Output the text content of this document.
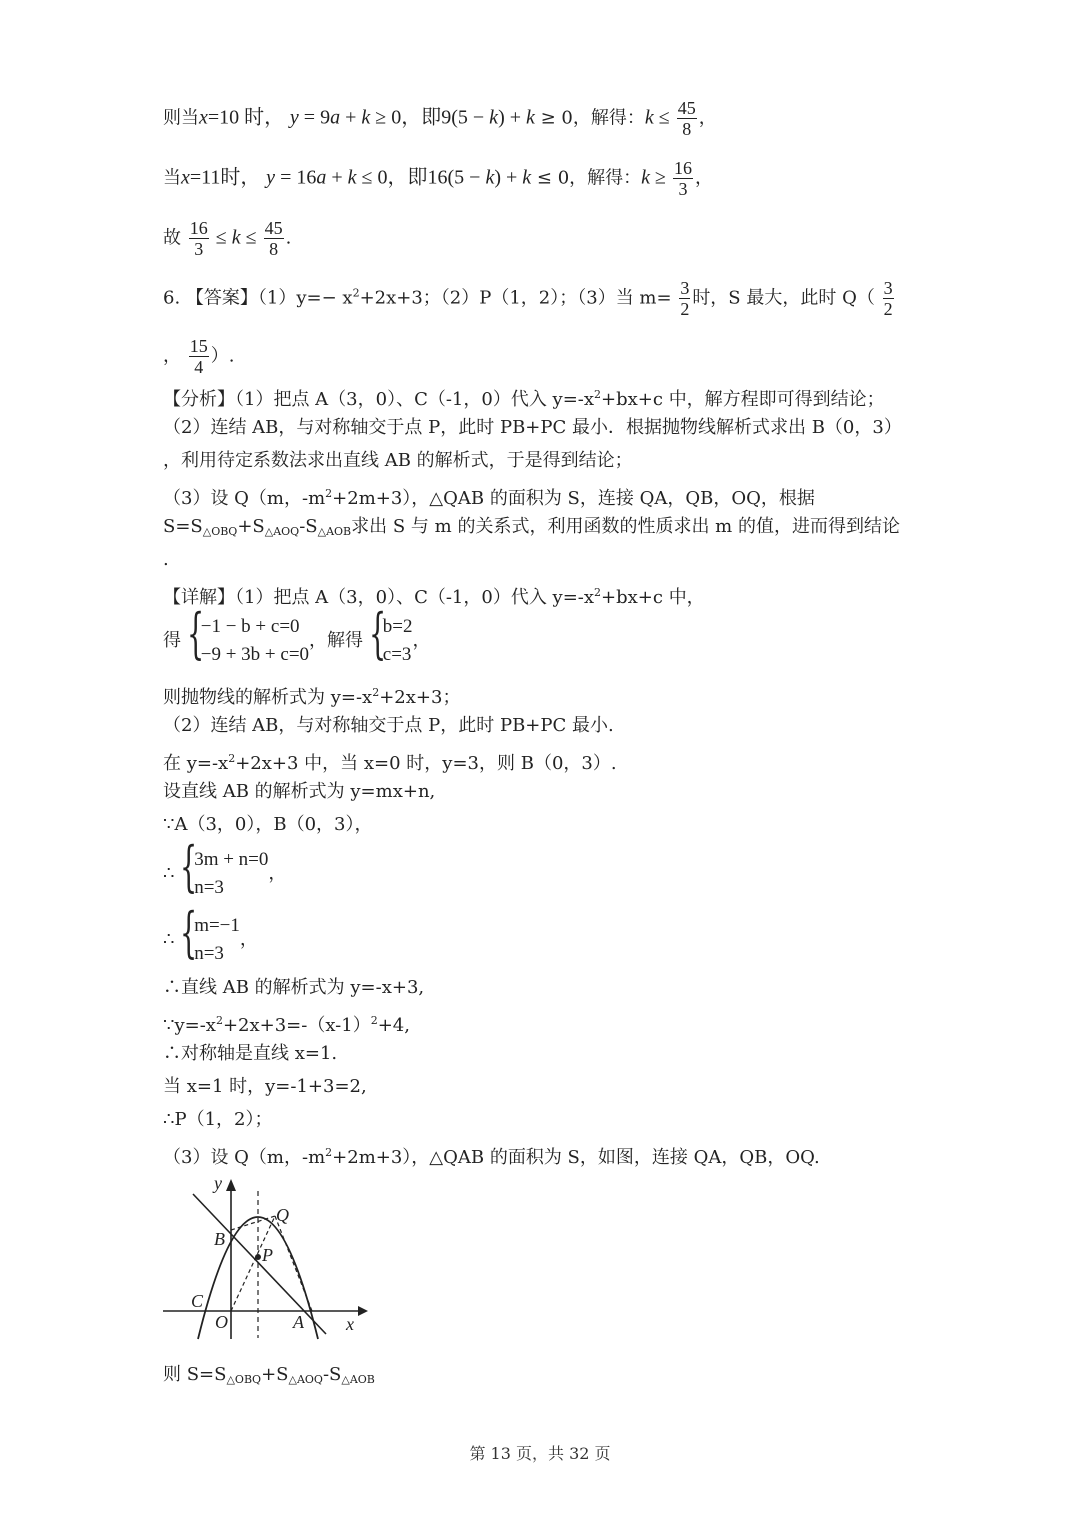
则当x=10 时， y = 9a + k ≥ 0，即9(5 − k) + k ≥ 0，解得：$k \le \frac{45}{8}$ ，
当x=11时， y = 16a + k ≤ 0，即16(5 − k) + k ≤ 0，解得：$k \ge \frac{16}{3}$ ，
故 $\frac{16}{3} \le k \le \frac{45}{8}$ .
6. 【答案】$(1)y=- x^2+2x+3$；（2）P（1，2）；（3）当 $m= \frac{3}{2}$ 时，S 最大，此时 $Q( \frac{3}{2}$
， $\frac{15}{4}$ ）.
【分析】（1）把点 A（3，0）、C（-1，0）代入 $y=-x^2+bx+c$ 中，解方程即可得到结论；
（2）连结 AB，与对称轴交于点 P，此时 PB+PC 最小．根据抛物线解析式求出 B（0，3）
，利用待定系数法求出直线 AB 的解析式，于是得到结论；
（3）设 Q（m，$-m^2+2m+3$），△QAB 的面积为 S，连接 QA，QB，OQ，根据
$S=S_{\triangle OBQ}+S_{\triangle AOQ}-S_{\triangle AOB}$求出 S 与 m 的关系式，利用函数的性质求出 m 的值，进而得到结论
.
【详解】（1）把点 A（3，0）、C（-1，0）代入 $y=-x^2+bx+c$ 中，
得 {
−1 − b + c=0
−9 + 3b + c=0
，解得 {
b=2
c=3
，
则抛物线的解析式为 $y=-x^2+2x+3$；
（2）连结 AB，与对称轴交于点 P，此时 PB+PC 最小.
在 $y=-x^2+2x+3$ 中，当 x=0 时，y=3，则 B（0，3）.
设直线 AB 的解析式为 y=mx+n,
∵A（3，0），B（0，3），
∴ {
3m + n=0
n=3
，
∴ {
m=−1
n=3
，
∴直线 AB 的解析式为 y=-x+3,
$\because y=-x^2+2x+3=-(x-1)^2+4$,
∴对称轴是直线 x=1.
当 x=1 时，y=-1+3=2,
∴P（1，2）；
（3）设 Q（m，$-m^2+2m+3$），△QAB 的面积为 S，如图，连接 QA，QB，OQ.
y
x
Q
B
P
C
O	A
则 $S=S_{\triangle OBQ}+S_{\triangle AOQ}-S_{\triangle AOB}$
第 13 页，共 32 页
